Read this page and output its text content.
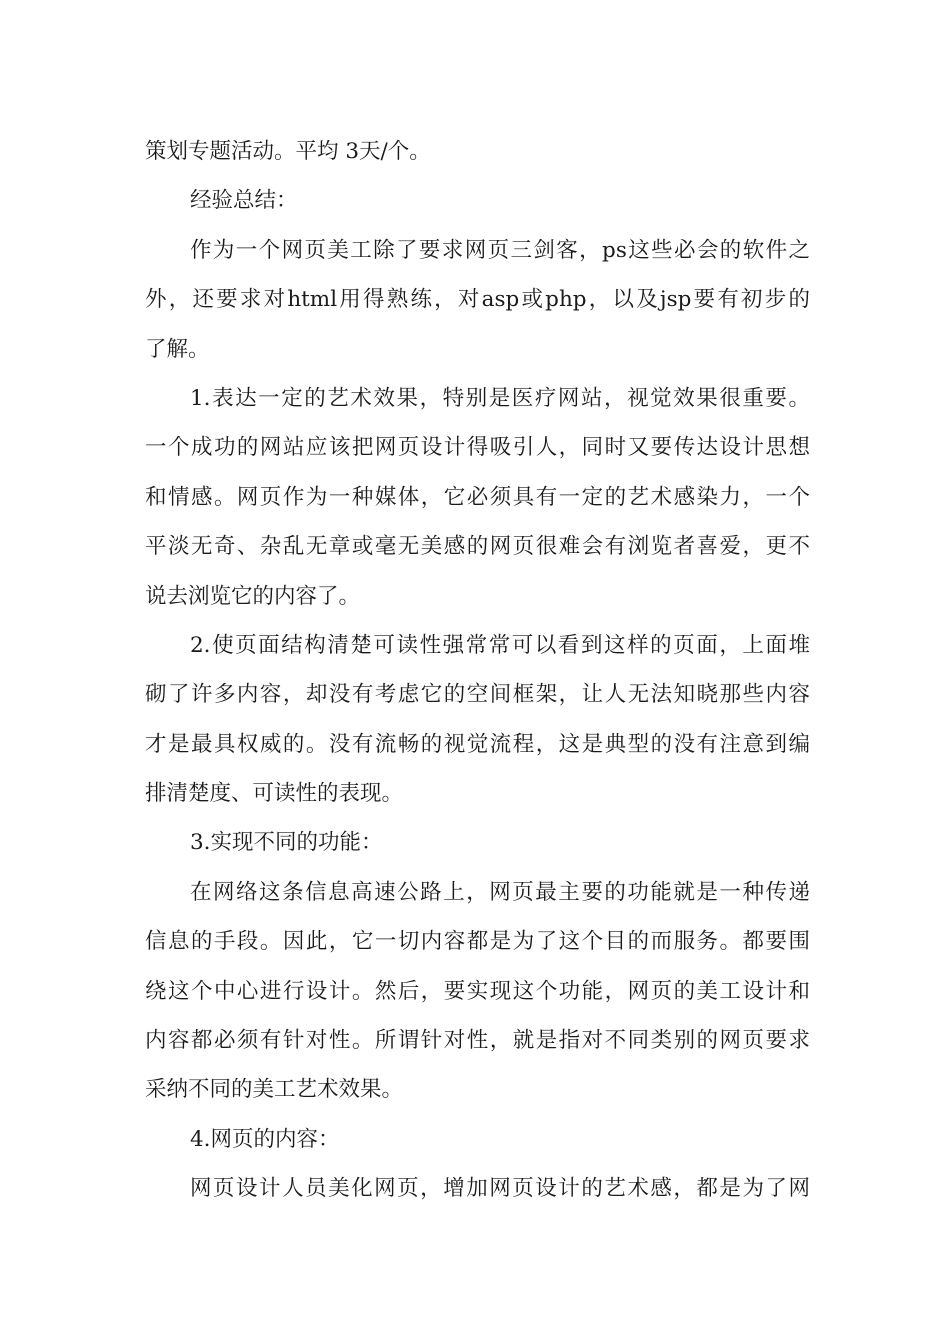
策划专题活动。平均 3天/个。
经验总结：
作为一个网页美工除了要求网页三剑客，ps这些必会的软件之
外，还要求对html用得熟练，对asp或php，以及jsp要有初步的
了解。
1.表达一定的艺术效果，特别是医疗网站，视觉效果很重要。
一个成功的网站应该把网页设计得吸引人，同时又要传达设计思想
和情感。网页作为一种媒体，它必须具有一定的艺术感染力，一个
平淡无奇、杂乱无章或毫无美感的网页很难会有浏览者喜爱，更不
说去浏览它的内容了。
2.使页面结构清楚可读性强常常可以看到这样的页面，上面堆
砌了许多内容，却没有考虑它的空间框架，让人无法知晓那些内容
才是最具权威的。没有流畅的视觉流程，这是典型的没有注意到编
排清楚度、可读性的表现。
3.实现不同的功能：
在网络这条信息高速公路上，网页最主要的功能就是一种传递
信息的手段。因此，它一切内容都是为了这个目的而服务。都要围
绕这个中心进行设计。然后，要实现这个功能，网页的美工设计和
内容都必须有针对性。所谓针对性，就是指对不同类别的网页要求
采纳不同的美工艺术效果。
4.网页的内容：
网页设计人员美化网页，增加网页设计的艺术感，都是为了网
